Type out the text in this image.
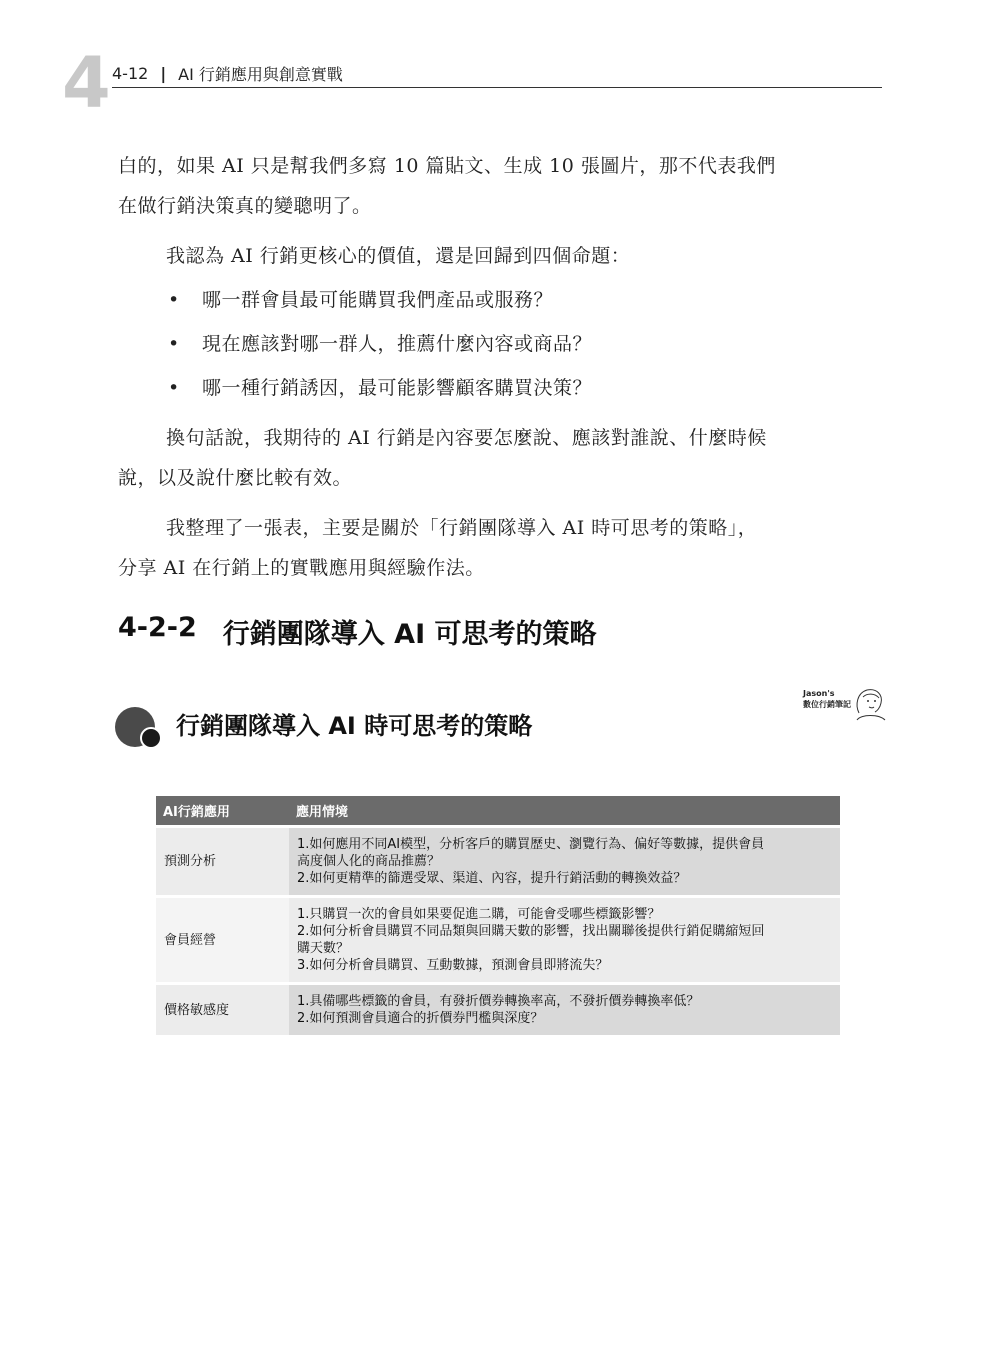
4 4-12 | AI 行銷應用與創意實戰

白的，如果 AI 只是幫我們多寫 10 篇貼文、生成 10 張圖片，那不代表我們

在做行銷決策真的變聰明了。

我認為 AI 行銷更核心的價值，還是回歸到四個命題：

•	哪一群會員最可能購買我們產品或服務？
•	現在應該對哪一群人，推薦什麼內容或商品？
•	哪一種行銷誘因，最可能影響顧客購買決策？

換句話說，我期待的 AI 行銷是內容要怎麼說、應該對誰說、什麼時候

說，以及說什麼比較有效。

我整理了一張表，主要是關於「行銷團隊導入 AI 時可思考的策略」，

分享 AI 在行銷上的實戰應用與經驗作法。

4-2-2 行銷團隊導入 AI 可思考的策略
Jason's
數位行銷筆記
行銷團隊導入 AI 時可思考的策略
AI行銷應用	應用情境
預測分析	1.如何應用不同AI模型，分析客戶的購買歷史、瀏覽行為、偏好等數據，提供會員
高度個人化的商品推薦？
2.如何更精準的篩選受眾、渠道、內容，提升行銷活動的轉換效益？

會員經營	1.只購買一次的會員如果要促進二購，可能會受哪些標籤影響？
2.如何分析會員購買不同品類與回購天數的影響，找出關聯後提供行銷促購縮短回
購天數？
3.如何分析會員購買、互動數據，預測會員即將流失？

價格敏感度	1.具備哪些標籤的會員，有發折價券轉換率高，不發折價券轉換率低？
2.如何預測會員適合的折價券門檻與深度？
